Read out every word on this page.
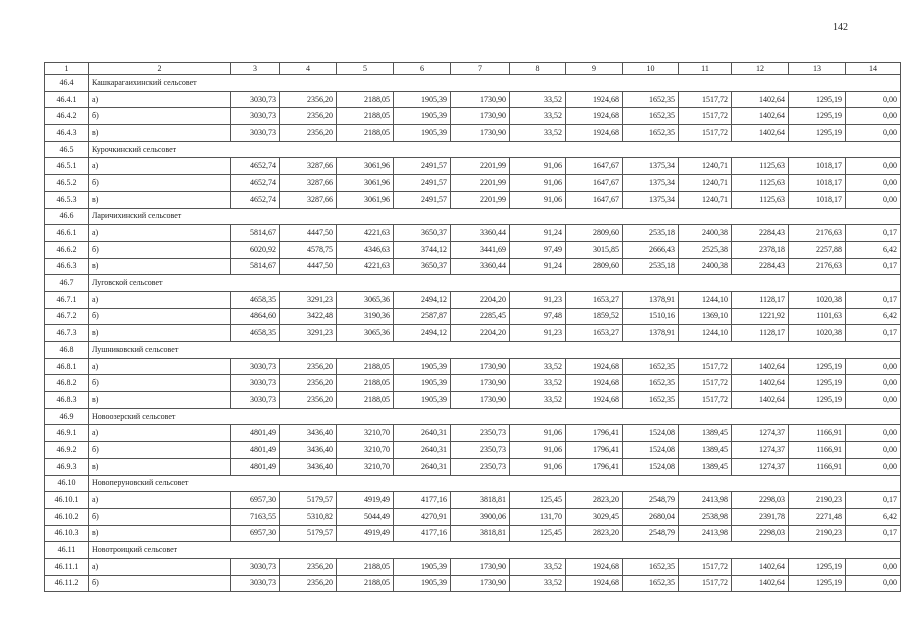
142
1	2	3	4	5	6	7	8	9	10	11	12	13	14
46.4	Кашкарагаихинский сельсовет												
46.4.1	а)	3030,73	2356,20	2188,05	1905,39	1730,90	33,52	1924,68	1652,35	1517,72	1402,64	1295,19	0,00
46.4.2	б)	3030,73	2356,20	2188,05	1905,39	1730,90	33,52	1924,68	1652,35	1517,72	1402,64	1295,19	0,00
46.4.3	в)	3030,73	2356,20	2188,05	1905,39	1730,90	33,52	1924,68	1652,35	1517,72	1402,64	1295,19	0,00
46.5	Курочкинский сельсовет												
46.5.1	а)	4652,74	3287,66	3061,96	2491,57	2201,99	91,06	1647,67	1375,34	1240,71	1125,63	1018,17	0,00
46.5.2	б)	4652,74	3287,66	3061,96	2491,57	2201,99	91,06	1647,67	1375,34	1240,71	1125,63	1018,17	0,00
46.5.3	в)	4652,74	3287,66	3061,96	2491,57	2201,99	91,06	1647,67	1375,34	1240,71	1125,63	1018,17	0,00
46.6	Ларичихинский сельсовет												
46.6.1	а)	5814,67	4447,50	4221,63	3650,37	3360,44	91,24	2809,60	2535,18	2400,38	2284,43	2176,63	0,17
46.6.2	б)	6020,92	4578,75	4346,63	3744,12	3441,69	97,49	3015,85	2666,43	2525,38	2378,18	2257,88	6,42
46.6.3	в)	5814,67	4447,50	4221,63	3650,37	3360,44	91,24	2809,60	2535,18	2400,38	2284,43	2176,63	0,17
46.7	Луговской сельсовет												
46.7.1	а)	4658,35	3291,23	3065,36	2494,12	2204,20	91,23	1653,27	1378,91	1244,10	1128,17	1020,38	0,17
46.7.2	б)	4864,60	3422,48	3190,36	2587,87	2285,45	97,48	1859,52	1510,16	1369,10	1221,92	1101,63	6,42
46.7.3	в)	4658,35	3291,23	3065,36	2494,12	2204,20	91,23	1653,27	1378,91	1244,10	1128,17	1020,38	0,17
46.8	Лушниковский сельсовет												
46.8.1	а)	3030,73	2356,20	2188,05	1905,39	1730,90	33,52	1924,68	1652,35	1517,72	1402,64	1295,19	0,00
46.8.2	б)	3030,73	2356,20	2188,05	1905,39	1730,90	33,52	1924,68	1652,35	1517,72	1402,64	1295,19	0,00
46.8.3	в)	3030,73	2356,20	2188,05	1905,39	1730,90	33,52	1924,68	1652,35	1517,72	1402,64	1295,19	0,00
46.9	Новоозерский сельсовет												
46.9.1	а)	4801,49	3436,40	3210,70	2640,31	2350,73	91,06	1796,41	1524,08	1389,45	1274,37	1166,91	0,00
46.9.2	б)	4801,49	3436,40	3210,70	2640,31	2350,73	91,06	1796,41	1524,08	1389,45	1274,37	1166,91	0,00
46.9.3	в)	4801,49	3436,40	3210,70	2640,31	2350,73	91,06	1796,41	1524,08	1389,45	1274,37	1166,91	0,00
46.10	Новоперуновский сельсовет												
46.10.1	а)	6957,30	5179,57	4919,49	4177,16	3818,81	125,45	2823,20	2548,79	2413,98	2298,03	2190,23	0,17
46.10.2	б)	7163,55	5310,82	5044,49	4270,91	3900,06	131,70	3029,45	2680,04	2538,98	2391,78	2271,48	6,42
46.10.3	в)	6957,30	5179,57	4919,49	4177,16	3818,81	125,45	2823,20	2548,79	2413,98	2298,03	2190,23	0,17
46.11	Новотроицкий сельсовет												
46.11.1	а)	3030,73	2356,20	2188,05	1905,39	1730,90	33,52	1924,68	1652,35	1517,72	1402,64	1295,19	0,00
46.11.2	б)	3030,73	2356,20	2188,05	1905,39	1730,90	33,52	1924,68	1652,35	1517,72	1402,64	1295,19	0,00
